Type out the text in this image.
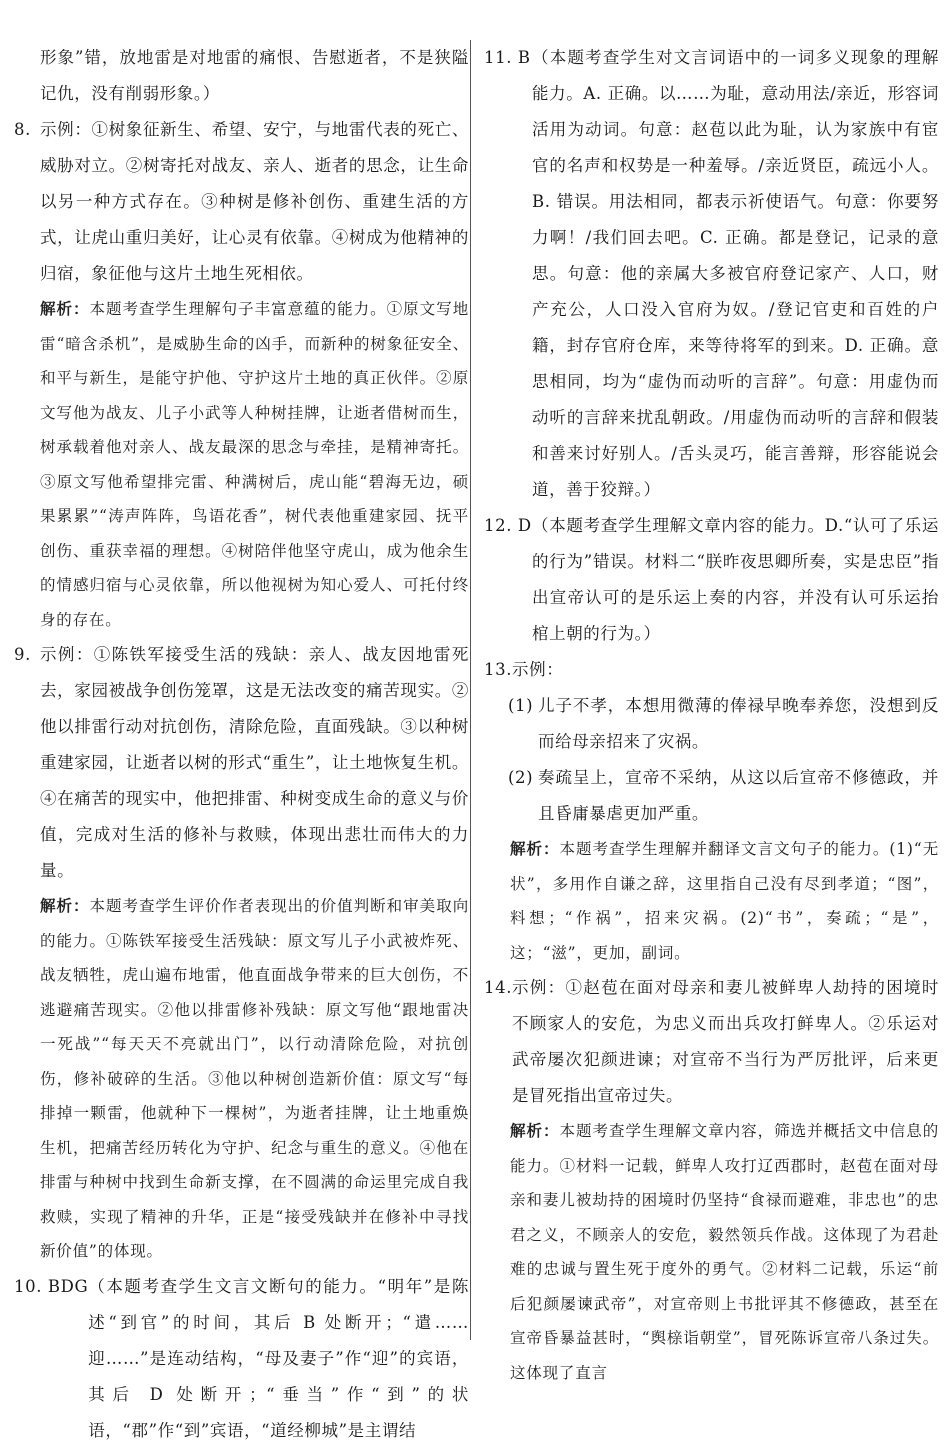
形象”错，放地雷是对地雷的痛恨、告慰逝者，不是狭隘记仇，没有削弱形象。）
8. 示例：①树象征新生、希望、安宁，与地雷代表的死亡、威胁对立。②树寄托对战友、亲人、逝者的思念，让生命以另一种方式存在。③种树是修补创伤、重建生活的方式，让虎山重归美好，让心灵有依靠。④树成为他精神的归宿，象征他与这片土地生死相依。
解析：本题考查学生理解句子丰富意蕴的能力。①原文写地雷“暗含杀机”，是威胁生命的凶手，而新种的树象征安全、和平与新生，是能守护他、守护这片土地的真正伙伴。②原文写他为战友、儿子小武等人种树挂牌，让逝者借树而生，树承载着他对亲人、战友最深的思念与牵挂，是精神寄托。③原文写他希望排完雷、种满树后，虎山能“碧海无边，硕果累累”“涛声阵阵，鸟语花香”，树代表他重建家园、抚平创伤、重获幸福的理想。④树陪伴他坚守虎山，成为他余生的情感归宿与心灵依靠，所以他视树为知心爱人、可托付终身的存在。
9. 示例：①陈铁军接受生活的残缺：亲人、战友因地雷死去，家园被战争创伤笼罩，这是无法改变的痛苦现实。②他以排雷行动对抗创伤，清除危险，直面残缺。③以种树重建家园，让逝者以树的形式“重生”，让土地恢复生机。④在痛苦的现实中，他把排雷、种树变成生命的意义与价值，完成对生活的修补与救赎，体现出悲壮而伟大的力量。
解析：本题考查学生评价作者表现出的价值判断和审美取向的能力。①陈铁军接受生活残缺：原文写儿子小武被炸死、战友牺牲，虎山遍布地雷，他直面战争带来的巨大创伤，不逃避痛苦现实。②他以排雷修补残缺：原文写他“跟地雷决一死战”“每天天不亮就出门”，以行动清除危险，对抗创伤，修补破碎的生活。③他以种树创造新价值：原文写“每排掉一颗雷，他就种下一棵树”，为逝者挂牌，让土地重焕生机，把痛苦经历转化为守护、纪念与重生的意义。④他在排雷与种树中找到生命新支撑，在不圆满的命运里完成自我救赎，实现了精神的升华，正是“接受残缺并在修补中寻找新价值”的体现。
10. BDG （本题考查学生文言文断句的能力。“明年”是陈述“到官”的时间，其后 B 处断开；“遣……迎……”是连动结构，“母及妻子”作“迎”的宾语，其后 D 处断开；“垂当”作“到”的状语，“郡”作“到”宾语，“道经柳城”是主谓结
11. B （本题考查学生对文言词语中的一词多义现象的理解能力。A. 正确。以……为耻，意动用法/亲近，形容词活用为动词。句意：赵苞以此为耻，认为家族中有宦官的名声和权势是一种羞辱。/亲近贤臣，疏远小人。B. 错误。用法相同，都表示祈使语气。句意：你要努力啊！/我们回去吧。C. 正确。都是登记，记录的意思。句意：他的亲属大多被官府登记家产、人口，财产充公，人口没入官府为奴。/登记官吏和百姓的户籍，封存官府仓库，来等待将军的到来。D. 正确。意思相同，均为“虚伪而动听的言辞”。句意：用虚伪而动听的言辞来扰乱朝政。/用虚伪而动听的言辞和假装和善来讨好别人。/舌头灵巧，能言善辩，形容能说会道，善于狡辩。）
12. D （本题考查学生理解文章内容的能力。D.“认可了乐运的行为”错误。材料二“朕昨夜思卿所奏，实是忠臣”指出宣帝认可的是乐运上奏的内容，并没有认可乐运抬棺上朝的行为。）
13. 示例：
(1) 儿子不孝，本想用微薄的俸禄早晚奉养您，没想到反而给母亲招来了灾祸。
(2) 奏疏呈上，宣帝不采纳，从这以后宣帝不修德政，并且昏庸暴虐更加严重。
解析：本题考查学生理解并翻译文言文句子的能力。(1)“无状”，多用作自谦之辞，这里指自己没有尽到孝道；“图”，料想；“作祸”，招来灾祸。(2)“书”，奏疏；“是”，这；“滋”，更加，副词。
14. 示例：①赵苞在面对母亲和妻儿被鲜卑人劫持的困境时不顾家人的安危，为忠义而出兵攻打鲜卑人。②乐运对武帝屡次犯颜进谏；对宣帝不当行为严厉批评，后来更是冒死指出宣帝过失。
解析：本题考查学生理解文章内容，筛选并概括文中信息的能力。①材料一记载，鲜卑人攻打辽西郡时，赵苞在面对母亲和妻儿被劫持的困境时仍坚持“食禄而避难，非忠也”的忠君之义，不顾亲人的安危，毅然领兵作战。这体现了为君赴难的忠诚与置生死于度外的勇气。②材料二记载，乐运“前后犯颜屡谏武帝”，对宣帝则上书批评其不修德政，甚至在宣帝昏暴益甚时，“舆榇诣朝堂”，冒死陈诉宣帝八条过失。这体现了直言
